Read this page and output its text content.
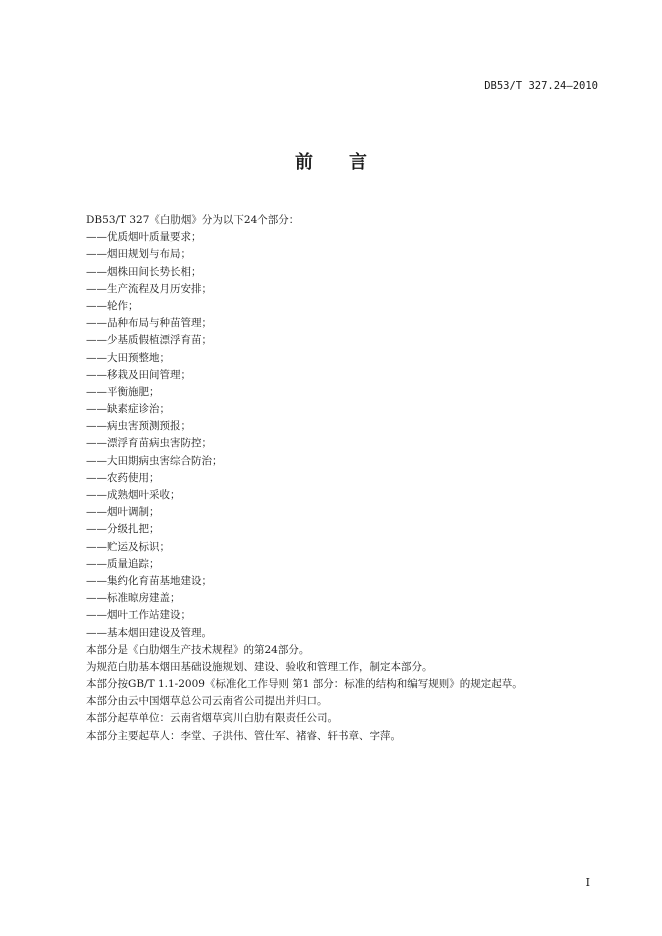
DB53/T 327.24—2010
前言
DB53/T 327《白肋烟》分为以下24个部分：
——优质烟叶质量要求；
——烟田规划与布局；
——烟株田间长势长相；
——生产流程及月历安排；
——轮作；
——品种布局与种苗管理；
——少基质假植漂浮育苗；
——大田预整地；
——移栽及田间管理；
——平衡施肥；
——缺素症诊治；
——病虫害预测预报；
——漂浮育苗病虫害防控；
——大田期病虫害综合防治；
——农药使用；
——成熟烟叶采收；
——烟叶调制；
——分级扎把；
——贮运及标识；
——质量追踪；
——集约化育苗基地建设；
——标准晾房建盖；
——烟叶工作站建设；
——基本烟田建设及管理。
本部分是《白肋烟生产技术规程》的第24部分。
为规范白肋基本烟田基础设施规划、建设、验收和管理工作，制定本部分。
本部分按GB/T 1.1-2009《标准化工作导则 第1 部分：标准的结构和编写规则》的规定起草。
本部分由云中国烟草总公司云南省公司提出并归口。
本部分起草单位：云南省烟草宾川白肋有限责任公司。
本部分主要起草人：李堂、子洪伟、管仕军、褚睿、轩书章、字萍。
I
